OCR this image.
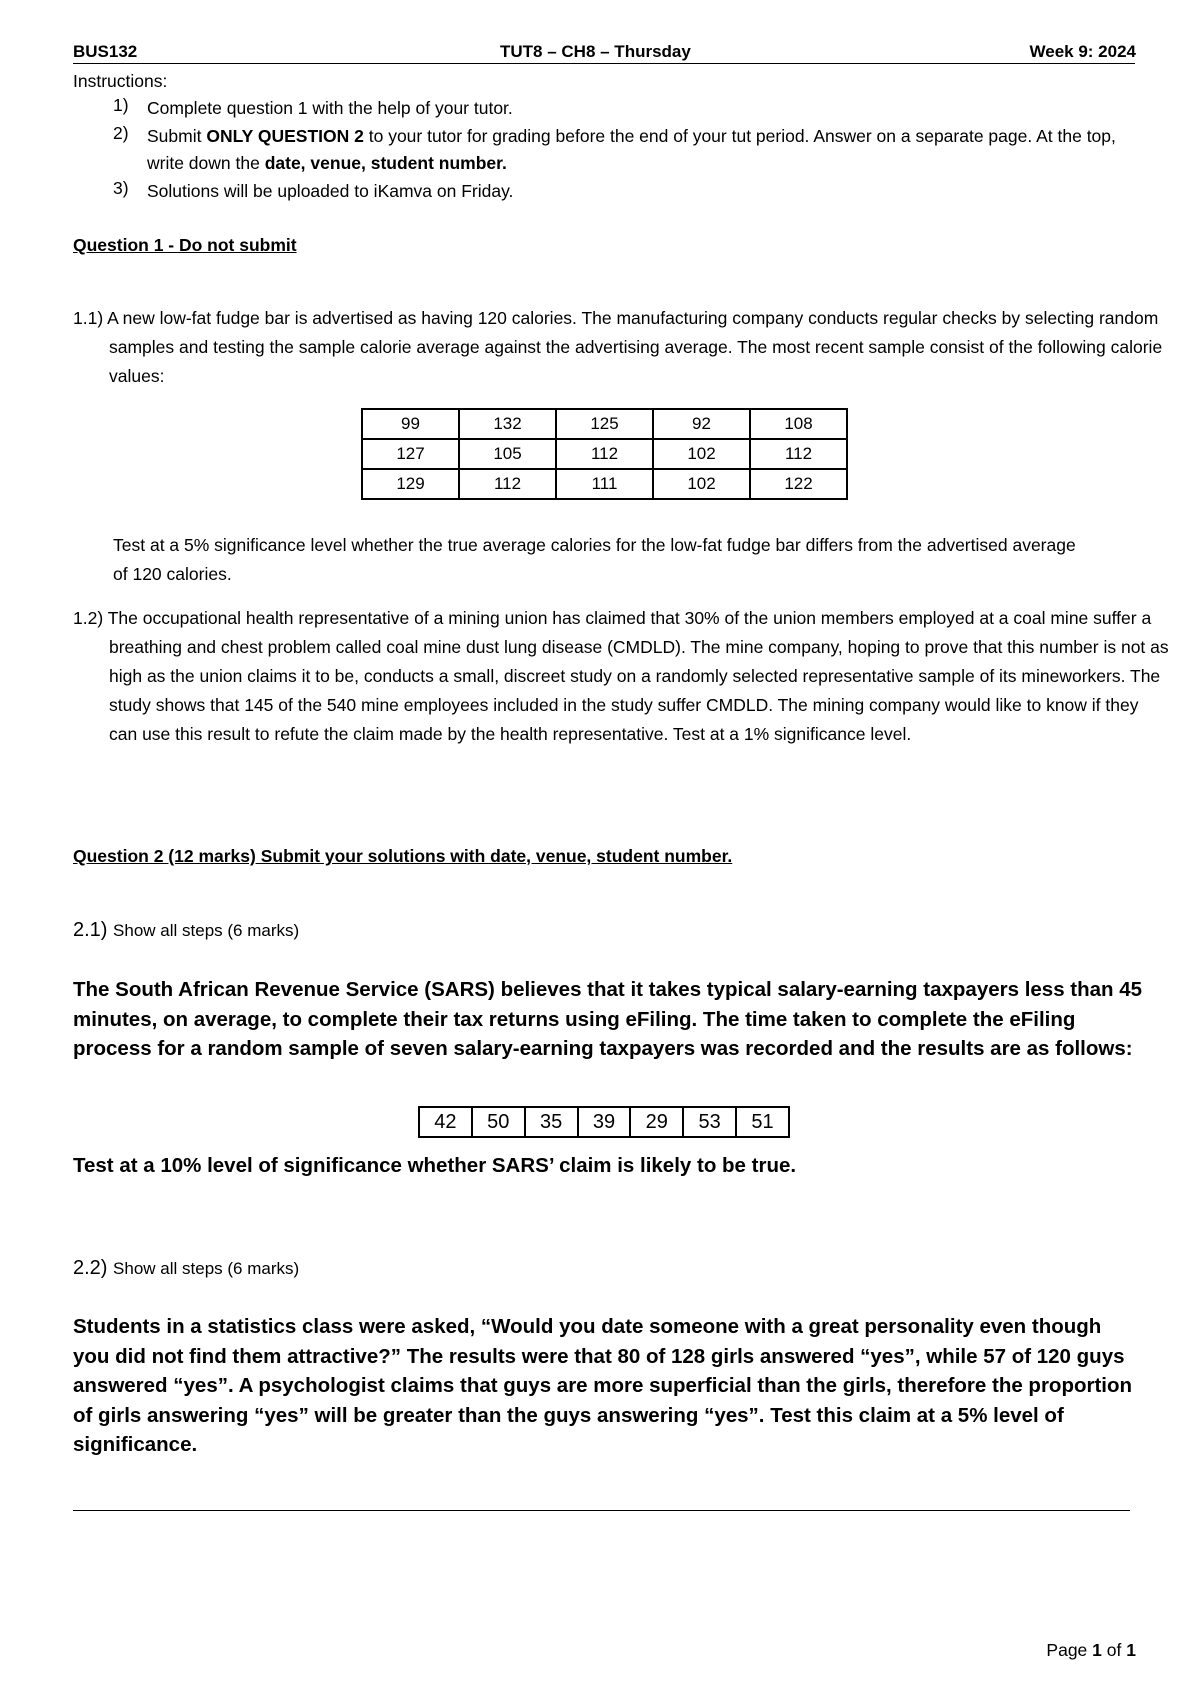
BUS132	TUT8 – CH8 – Thursday	Week 9: 2024
Instructions:
1) Complete question 1 with the help of your tutor.
2) Submit ONLY QUESTION 2 to your tutor for grading before the end of your tut period. Answer on a separate page. At the top, write down the date, venue, student number.
3) Solutions will be uploaded to iKamva on Friday.
Question 1 - Do not submit
1.1) A new low-fat fudge bar is advertised as having 120 calories. The manufacturing company conducts regular checks by selecting random samples and testing the sample calorie average against the advertising average. The most recent sample consist of the following calorie values:
99	132	125	92	108
127	105	112	102	112
129	112	111	102	122
Test at a 5% significance level whether the true average calories for the low-fat fudge bar differs from the advertised average of 120 calories.
1.2) The occupational health representative of a mining union has claimed that 30% of the union members employed at a coal mine suffer a breathing and chest problem called coal mine dust lung disease (CMDLD). The mine company, hoping to prove that this number is not as high as the union claims it to be, conducts a small, discreet study on a randomly selected representative sample of its mineworkers. The study shows that 145 of the 540 mine employees included in the study suffer CMDLD. The mining company would like to know if they can use this result to refute the claim made by the health representative. Test at a 1% significance level.
Question 2 (12 marks) Submit your solutions with date, venue, student number.
2.1) Show all steps (6 marks)
The South African Revenue Service (SARS) believes that it takes typical salary-earning taxpayers less than 45 minutes, on average, to complete their tax returns using eFiling. The time taken to complete the eFiling process for a random sample of seven salary-earning taxpayers was recorded and the results are as follows:
42	50	35	39	29	53	51
Test at a 10% level of significance whether SARS’ claim is likely to be true.
2.2) Show all steps (6 marks)
Students in a statistics class were asked, “Would you date someone with a great personality even though you did not find them attractive?” The results were that 80 of 128 girls answered “yes”, while 57 of 120 guys answered “yes”. A psychologist claims that guys are more superficial than the girls, therefore the proportion of girls answering “yes” will be greater than the guys answering “yes”. Test this claim at a 5% level of significance.
Page 1 of 1
